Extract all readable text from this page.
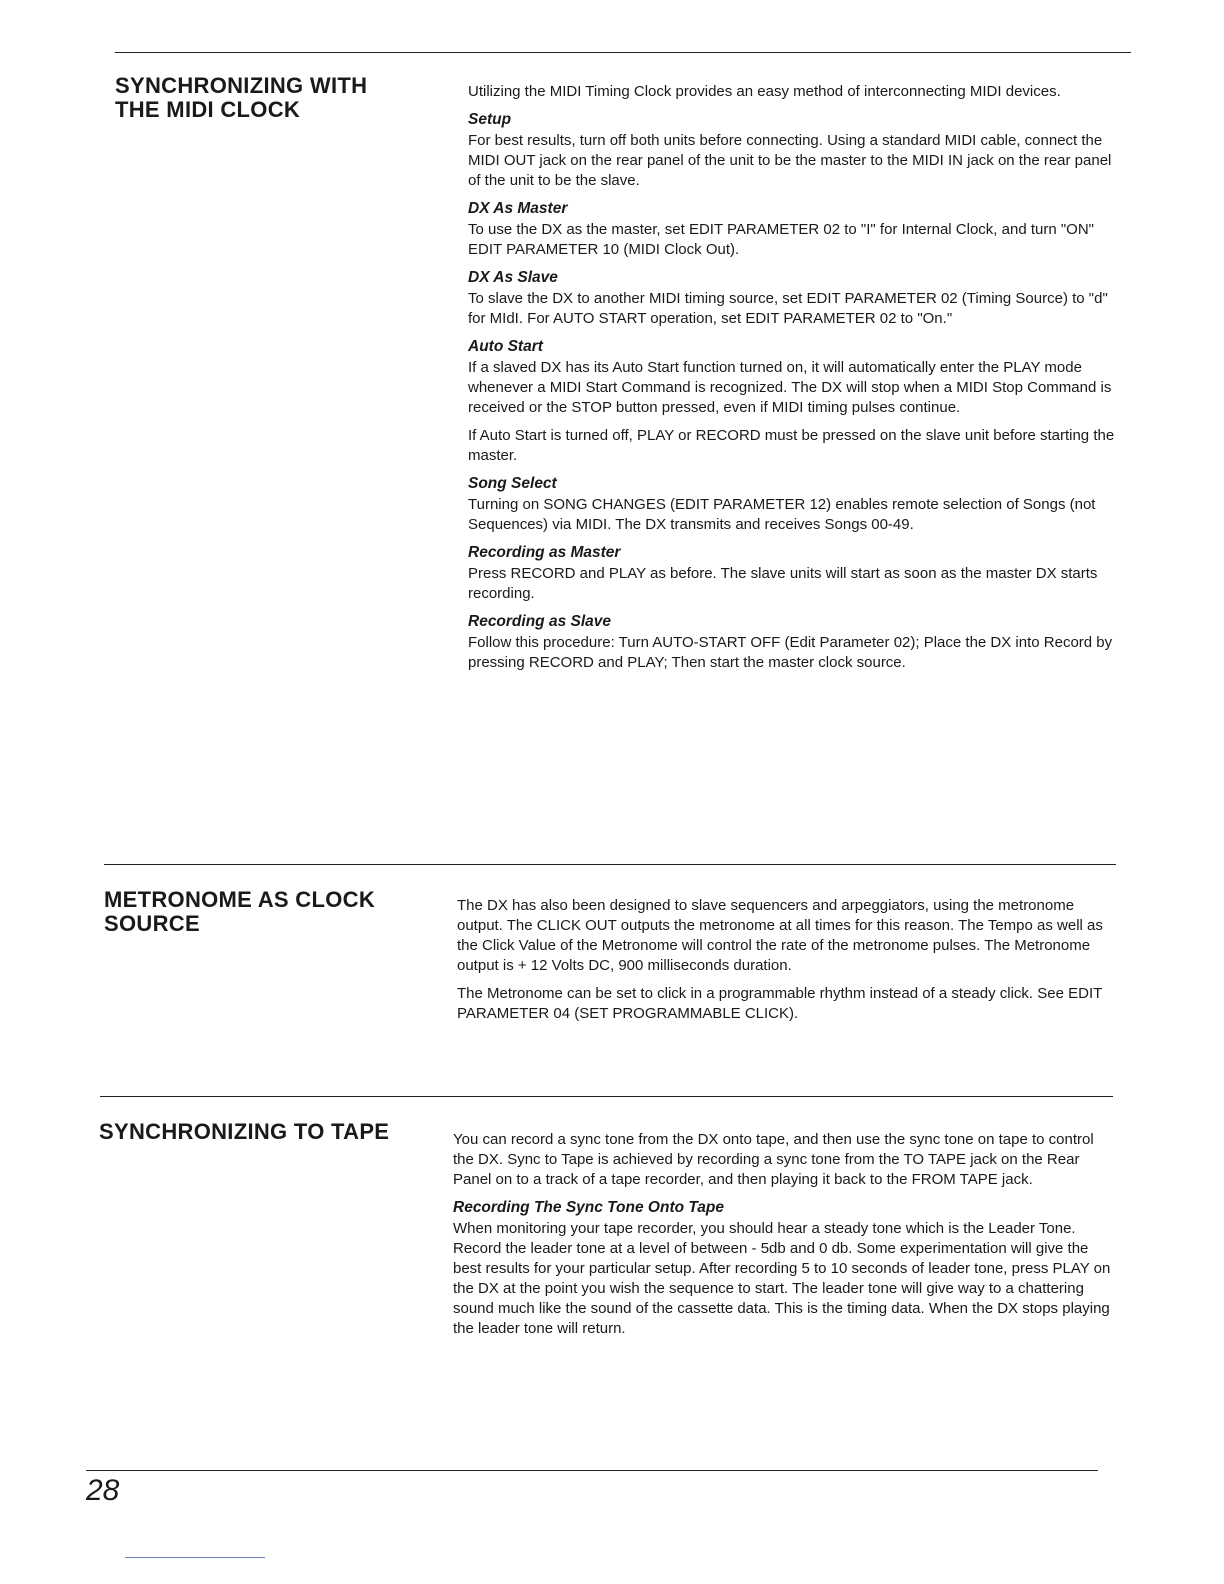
SYNCHRONIZING WITH THE MIDI CLOCK

Utilizing the MIDI Timing Clock provides an easy method of interconnecting MIDI devices.

Setup

For best results, turn off both units before connecting. Using a standard MIDI cable, connect the MIDI OUT jack on the rear panel of the unit to be the master to the MIDI IN jack on the rear panel of the unit to be the slave.

DX As Master

To use the DX as the master, set EDIT PARAMETER 02 to "I" for Internal Clock, and turn "ON" EDIT PARAMETER 10 (MIDI Clock Out).

DX As Slave

To slave the DX to another MIDI timing source, set EDIT PARAMETER 02 (Timing Source) to "d" for MIdI. For AUTO START operation, set EDIT PARAMETER 02 to "On."

Auto Start

If a slaved DX has its Auto Start function turned on, it will automatically enter the PLAY mode whenever a MIDI Start Command is recognized. The DX will stop when a MIDI Stop Command is received or the STOP button pressed, even if MIDI timing pulses continue.

If Auto Start is turned off, PLAY or RECORD must be pressed on the slave unit before starting the master.

Song Select

Turning on SONG CHANGES (EDIT PARAMETER 12) enables remote selection of Songs (not Sequences) via MIDI. The DX transmits and receives Songs 00-49.

Recording as Master

Press RECORD and PLAY as before. The slave units will start as soon as the master DX starts recording.

Recording as Slave

Follow this procedure: Turn AUTO-START OFF (Edit Parameter 02); Place the DX into Record by pressing RECORD and PLAY; Then start the master clock source.

METRONOME AS CLOCK SOURCE

The DX has also been designed to slave sequencers and arpeggiators, using the metronome output. The CLICK OUT outputs the metronome at all times for this reason. The Tempo as well as the Click Value of the Metronome will control the rate of the metronome pulses. The Metronome output is + 12 Volts DC, 900 milliseconds duration.

The Metronome can be set to click in a programmable rhythm instead of a steady click. See EDIT PARAMETER 04 (SET PROGRAMMABLE CLICK).

SYNCHRONIZING TO TAPE	You can record a sync tone from the DX onto tape, and then use the sync tone on tape to control the DX. Sync to Tape is achieved by recording a sync tone from the TO TAPE jack on the Rear Panel on to a track of a tape recorder, and then playing it back to the FROM TAPE jack.

Recording The Sync Tone Onto Tape

When monitoring your tape recorder, you should hear a steady tone which is the Leader Tone. Record the leader tone at a level of between - 5db and 0 db. Some experimentation will give the best results for your particular setup. After recording 5 to 10 seconds of leader tone, press PLAY on the DX at the point you wish the sequence to start. The leader tone will give way to a chattering sound much like the sound of the cassette data. This is the timing data. When the DX stops playing the leader tone will return.

28
